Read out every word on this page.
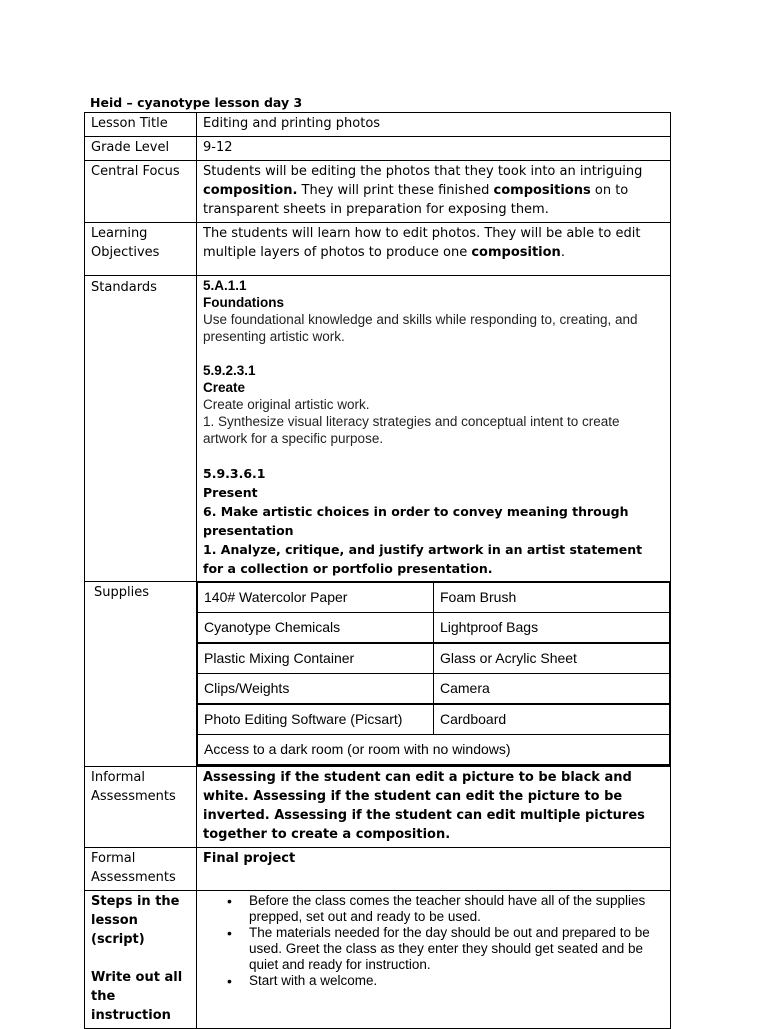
Heid – cyanotype lesson day 3
Lesson Title	Editing and printing photos
Grade Level	9-12
Central Focus	Students will be editing the photos that they took into an intriguing composition. They will print these finished compositions on to transparent sheets in preparation for exposing them.

Learning
Objectives
	The students will learn how to edit photos. They will be able to edit multiple layers of photos to produce one composition.
Standards	5.A.1.1
Foundations
Use foundational knowledge and skills while responding to, creating, and presenting artistic work.
5.9.2.3.1
Create
Create original artistic work.
1. Synthesize visual literacy strategies and conceptual intent to create artwork for a specific purpose.
5.9.3.6.1
Present
6. Make artistic choices in order to convey meaning through presentation
1. Analyze, critique, and justify artwork in an artist statement for a collection or portfolio presentation.

Supplies		140# Watercolor Paper	Foam Brush
Cyanotype Chemicals	Lightproof Bags
Plastic Mixing Container	Glass or Acrylic Sheet
Clips/Weights	Camera
Photo Editing Software (Picsart)	Cardboard
Access to a dark room (or room with no windows)

Informal
Assessments
	Assessing if the student can edit a picture to be black and white. Assessing if the student can edit the picture to be inverted. Assessing if the student can edit multiple pictures together to create a composition.

Formal
Assessments
	Final project

Steps in the
lesson (script)
Write out all
the instruction

• Before the class comes the teacher should have all of the supplies prepped, set out and ready to be used.
• The materials needed for the day should be out and prepared to be used. Greet the class as they enter they should get seated and be quiet and ready for instruction.
• Start with a welcome.
